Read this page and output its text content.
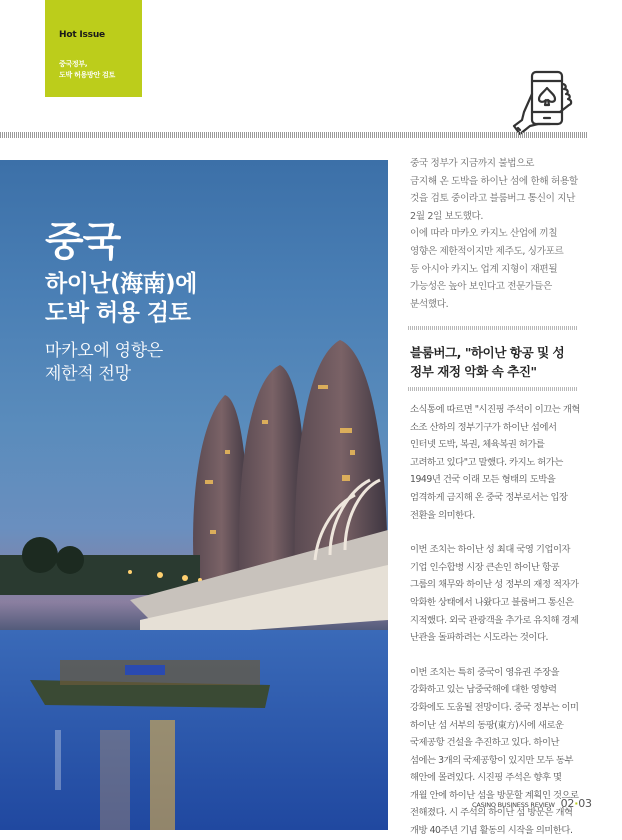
Hot Issue
중국정부,
도박 허용방안 검토
중국
하이난(海南)에
도박 허용 검토
마카오에 영향은
제한적 전망
중국 정부가 지금까지 불법으로
금지해 온 도박을 하이난 섬에 한해 허용할
것을 검토 중이라고 블룸버그 통신이 지난
2월 2일 보도했다.
이에 따라 마카오 카지노 산업에 끼칠
영향은 제한적이지만 제주도, 싱가포르
등 아시아 카지노 업계 지형이 재편될
가능성은 높아 보인다고 전문가들은
분석했다.
블룸버그, "하이난 항공 및 성
정부 재정 악화 속 추진"

소식통에 따르면 "시진핑 주석이 이끄는 개혁 소조 산하의 정부기구가 하이난 섬에서 인터넷 도박, 복권, 체육복권 허가를 고려하고 있다"고 말했다. 카지노 허가는 1949년 건국 이래 모든 형태의 도박을 엄격하게 금지해 온 중국 정부로서는 입장 전환을 의미한다.

이번 조치는 하이난 성 최대 국영 기업이자 기업 인수합병 시장 큰손인 하이난 항공 그룹의 채무와 하이난 성 정부의 재정 적자가 악화한 상태에서 나왔다고 블룸버그 통신은 지적했다. 외국 관광객을 추가로 유치해 경제 난관을 돌파하려는 시도라는 것이다.

이번 조치는 특히 중국이 영유권 주장을 강화하고 있는 남중국해에 대한 영향력 강화에도 도움될 전망이다. 중국 정부는 이미 하이난 섬 서부의 동팡(東方)시에 새로운 국제공항 건설을 추진하고 있다. 하이난 섬에는 3개의 국제공항이 있지만 모두 동부 해안에 몰려있다. 시진핑 주석은 향후 몇 개월 안에 하이난 섬을 방문할 계획인 것으로 전해졌다. 시 주석의 하이난 섬 방문은 개혁 개방 40주년 기념 활동의 시작을 의미한다.

CASINO BUSINESS REVIEW 02·03
